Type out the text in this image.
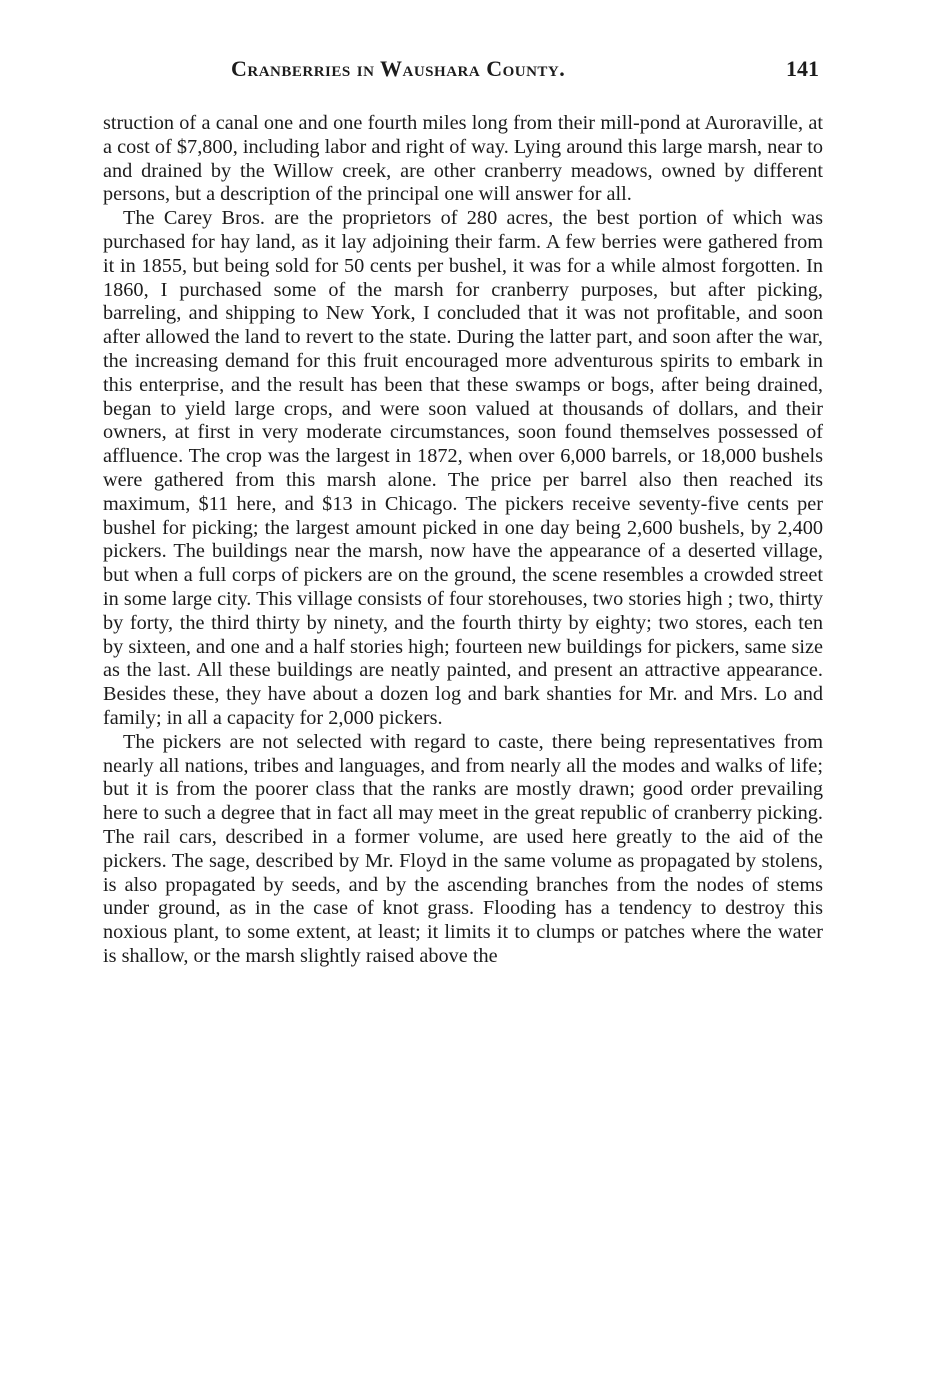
Cranberries in Waushara County.	141

struction of a canal one and one fourth miles long from their mill-pond at Auroraville, at a cost of $7,800, including labor and right of way. Lying around this large marsh, near to and drained by the Willow creek, are other cranberry meadows, owned by different persons, but a description of the principal one will answer for all.

The Carey Bros. are the proprietors of 280 acres, the best portion of which was purchased for hay land, as it lay adjoining their farm. A few berries were gathered from it in 1855, but being sold for 50 cents per bushel, it was for a while almost forgotten. In 1860, I purchased some of the marsh for cranberry purposes, but after picking, barreling, and shipping to New York, I concluded that it was not profitable, and soon after allowed the land to revert to the state. During the latter part, and soon after the war, the increasing demand for this fruit encouraged more adventurous spirits to embark in this enterprise, and the result has been that these swamps or bogs, after being drained, began to yield large crops, and were soon valued at thousands of dollars, and their owners, at first in very moderate circumstances, soon found themselves possessed of affluence. The crop was the largest in 1872, when over 6,000 barrels, or 18,000 bushels were gathered from this marsh alone. The price per barrel also then reached its maximum, $11 here, and $13 in Chicago. The pickers receive seventy-five cents per bushel for picking; the largest amount picked in one day being 2,600 bushels, by 2,400 pickers. The buildings near the marsh, now have the appearance of a deserted village, but when a full corps of pickers are on the ground, the scene resembles a crowded street in some large city. This village consists of four storehouses, two stories high ; two, thirty by forty, the third thirty by ninety, and the fourth thirty by eighty; two stores, each ten by sixteen, and one and a half stories high; fourteen new buildings for pickers, same size as the last. All these buildings are neatly painted, and present an attractive appearance. Besides these, they have about a dozen log and bark shanties for Mr. and Mrs. Lo and family; in all a capacity for 2,000 pickers.

The pickers are not selected with regard to caste, there being representatives from nearly all nations, tribes and languages, and from nearly all the modes and walks of life; but it is from the poorer class that the ranks are mostly drawn; good order prevailing here to such a degree that in fact all may meet in the great republic of cranberry picking. The rail cars, described in a former volume, are used here greatly to the aid of the pickers. The sage, described by Mr. Floyd in the same volume as propagated by stolens, is also propagated by seeds, and by the ascending branches from the nodes of stems under ground, as in the case of knot grass. Flooding has a tendency to destroy this noxious plant, to some extent, at least; it limits it to clumps or patches where the water is shallow, or the marsh slightly raised above the
